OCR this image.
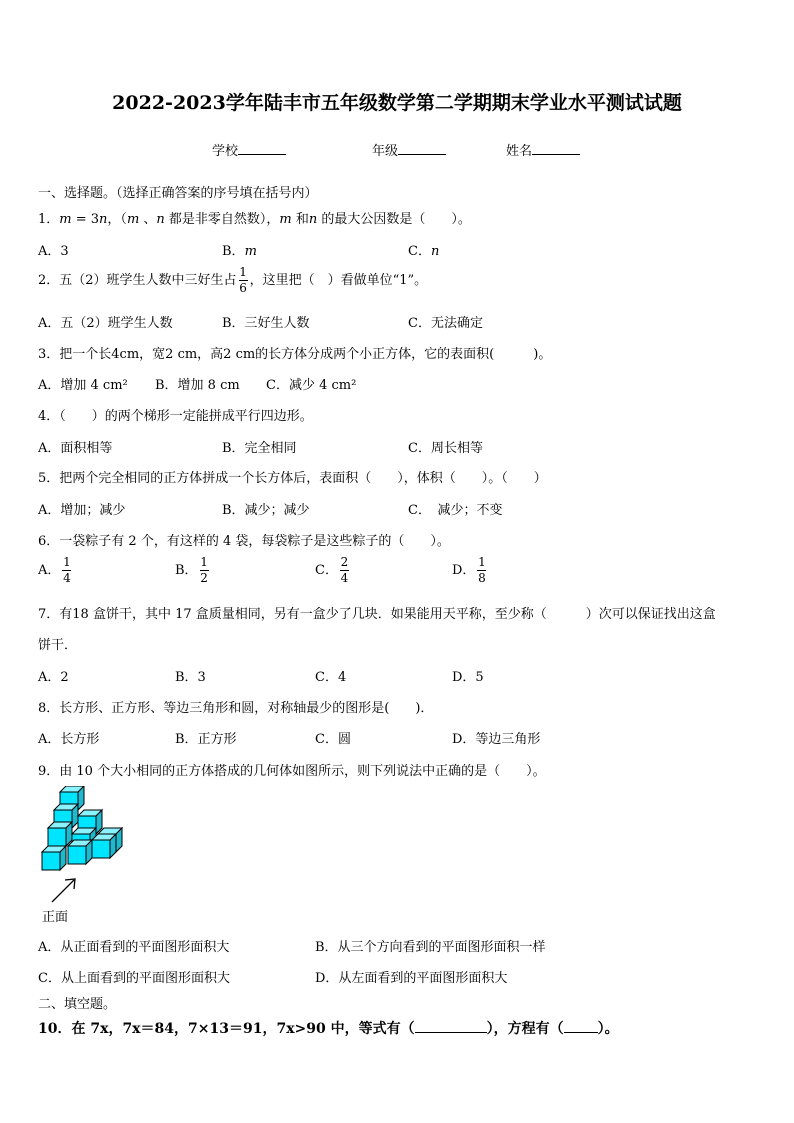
2022-2023学年陆丰市五年级数学第二学期期末学业水平测试试题
学校	年级	姓名
一、选择题。（选择正确答案的序号填在括号内）
1．m = 3n，（m 、n 都是非零自然数），m 和n 的最大公因数是（　　）。
A．3	B．m	C．n
2．五（2）班学生人数中三好生占 $\frac{1}{6}$ ，这里把（　）看做单位“1”。
A．五（2）班学生人数	B．三好生人数	C．无法确定
3．把一个长4cm，宽2 cm，高2 cm的长方体分成两个小正方体，它的表面积(　　　)。
A．增加 4 cm² B．增加 8 cm C．减少 4 cm²
4．（　　）的两个梯形一定能拼成平行四边形。
A．面积相等	B．完全相同	C．周长相等
5．把两个完全相同的正方体拼成一个长方体后，表面积（　　），体积（　　）。（　　）
A．增加；减少	B．减少；减少	C．　减少；不变
6．一袋粽子有 2 个，有这样的 4 袋，每袋粽子是这些粽子的（　　）。
A． $\frac{1}{4}$	B． $\frac{1}{2}$	C． $\frac{2}{4}$	D． $\frac{1}{8}$
7．有18 盒饼干，其中 17 盒质量相同，另有一盒少了几块．如果能用天平称，至少称（　　　）次可以保证找出这盒
饼干．
A．2	B．3	C．4	D．5
8．长方形、正方形、等边三角形和圆，对称轴最少的图形是(　　)．
A．长方形	B．正方形	C．圆	D．等边三角形
9．由 10 个大小相同的正方体搭成的几何体如图所示，则下列说法中正确的是（　　）。
正面
A．从正面看到的平面图形面积大	B．从三个方向看到的平面图形面积一样
C．从上面看到的平面图形面积大	D．从左面看到的平面图形面积大
二、填空题。
10．在 7x，7x＝84，7×13＝91，7x>90 中，等式有（	），方程有（ ）。
